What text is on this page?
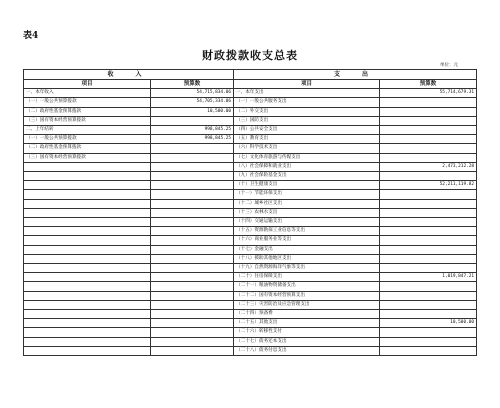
表4
财政拨款收支总表
单位：元
收　入		支　出	
项目	预算数	项目	预算数
一、本年收入	54,715,834.06	一、本年支出	55,714,679.31
（一）一般公共预算拨款	54,705,334.06	（一）一般公共服务支出	
（二）政府性基金预算拨款	10,500.00	（二）外交支出	
（三）国有资本经营预算拨款		（三）国防支出	
二、上年结转	998,845.25	（四）公共安全支出	
（一）一般公共预算拨款	998,845.25	（五）教育支出	
（二）政府性基金预算拨款		（六）科学技术支出	
（三）国有资本经营预算拨款		（七）文化体育旅游与传媒支出	
		（八）社会保障和就业支出	2,473,212.28
		（九）社会保险基金支出	
		（十）卫生健康支出	52,211,119.82
		（十一）节能环保支出	
		（十二）城乡社区支出	
		（十三）农林水支出	
		（十四）交通运输支出	
		（十五）资源勘探工业信息等支出	
		（十六）商业服务业等支出	
		（十七）金融支出	
		（十八）援助其他地区支出	
		（十九）自然资源海洋气象等支出	
		（二十）住房保障支出	1,019,847.21
		（二十一）粮油物资储备支出	
		（二十二）国有资本经营预算支出	
		（二十三）灾害防治及应急管理支出	
		（二十四）预备费	
		（二十五）其他支出	10,500.00
		（二十六）转移性支付	
		（二十七）债务还本支出	
		（二十八）债务付息支出	
